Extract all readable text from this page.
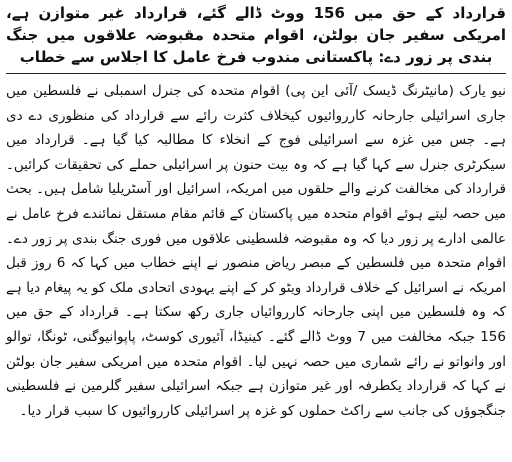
قرارداد کے حق میں 156 ووٹ ڈالے گئے، قرارداد غیر متوازن ہے، امریکی سفیر جان بولٹن، اقوام متحدہ مقبوضہ علاقوں میں جنگ بندی پر زور دے: پاکستانی مندوب فرخ عامل کا اجلاس سے خطاب

نیو یارک (مانیٹرنگ ڈیسک /آئی این پی) اقوام متحدہ کی جنرل اسمبلی نے فلسطین میں جاری اسرائیلی جارحانہ کارروائیوں کیخلاف کثرت رائے سے قرارداد کی منظوری دے دی ہے۔ جس میں غزہ سے اسرائیلی فوج کے انخلاء کا مطالبہ کیا گیا ہے۔ قرارداد میں سیکرٹری جنرل سے کہا گیا ہے کہ وہ بیت حنون پر اسرائیلی حملے کی تحقیقات کرائیں۔ قرارداد کی مخالفت کرنے والے حلقوں میں امریکہ، اسرائیل اور آسٹریلیا شامل ہیں۔ بحث میں حصہ لیتے ہوئے اقوام متحدہ میں پاکستان کے قائم مقام مستقل نمائندے فرخ عامل نے عالمی ادارے پر زور دیا کہ وہ مقبوضہ فلسطینی علاقوں میں فوری جنگ بندی پر زور دے۔ اقوام متحدہ میں فلسطین کے مبصر ریاض منصور نے اپنے خطاب میں کہا کہ 6 روز قبل امریکہ نے اسرائیل کے خلاف قرارداد ویٹو کر کے اپنے یہودی اتحادی ملک کو یہ پیغام دیا ہے کہ وہ فلسطین میں اپنی جارحانہ کارروائیاں جاری رکھ سکتا ہے۔ قرارداد کے حق میں 156 جبکہ مخالفت میں 7 ووٹ ڈالے گئے۔ کینیڈا، آئیوری کوسٹ، پاپوانیوگنی، ٹونگا، توالو اور وانواتو نے رائے شماری میں حصہ نہیں لیا۔ اقوام متحدہ میں امریکی سفیر جان بولٹن نے کہا کہ قرارداد یکطرفہ اور غیر متوازن ہے جبکہ اسرائیلی سفیر گلرمین نے فلسطینی جنگجوؤں کی جانب سے راکٹ حملوں کو غزہ پر اسرائیلی کارروائیوں کا سبب قرار دیا۔
